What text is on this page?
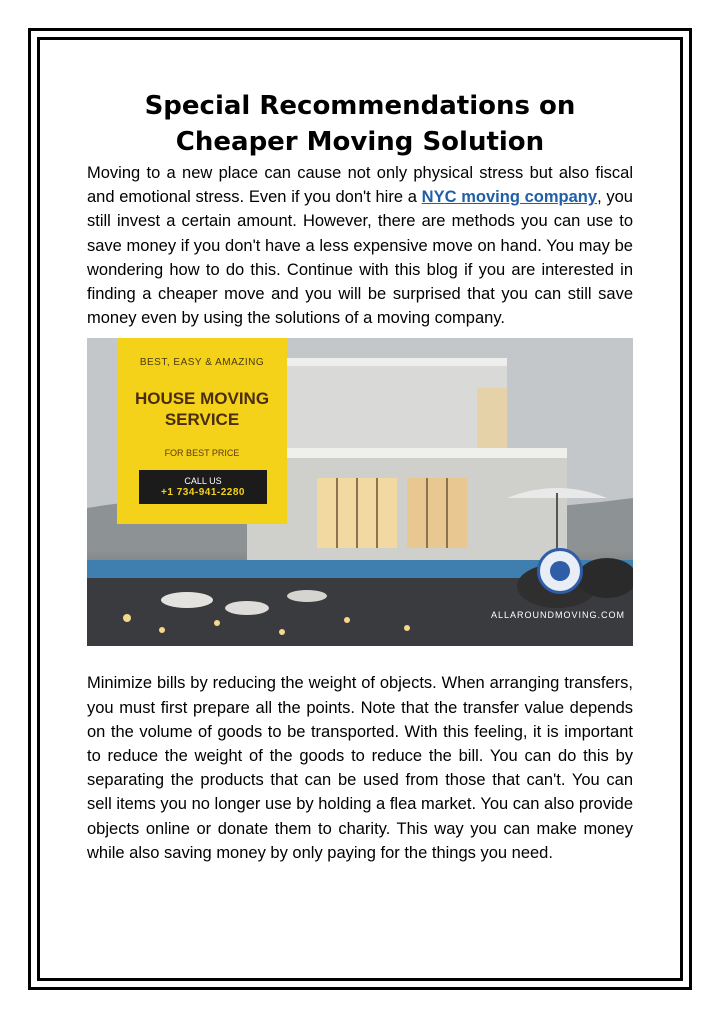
Special Recommendations on Cheaper Moving Solution

Moving to a new place can cause not only physical stress but also fiscal and emotional stress. Even if you don't hire a NYC moving company, you still invest a certain amount. However, there are methods you can use to save money if you don't have a less expensive move on hand. You may be wondering how to do this. Continue with this blog if you are interested in finding a cheaper move and you will be surprised that you can still save money even by using the solutions of a moving company.

BEST, EASY & AMAZING
HOUSE MOVING SERVICE
FOR BEST PRICE
CALL US
+1 734-941-2280
ALLAROUNDMOVING.COM

Minimize bills by reducing the weight of objects. When arranging transfers, you must first prepare all the points. Note that the transfer value depends on the volume of goods to be transported. With this feeling, it is important to reduce the weight of the goods to reduce the bill. You can do this by separating the products that can be used from those that can't. You can sell items you no longer use by holding a flea market. You can also provide objects online or donate them to charity. This way you can make money while also saving money by only paying for the things you need.
